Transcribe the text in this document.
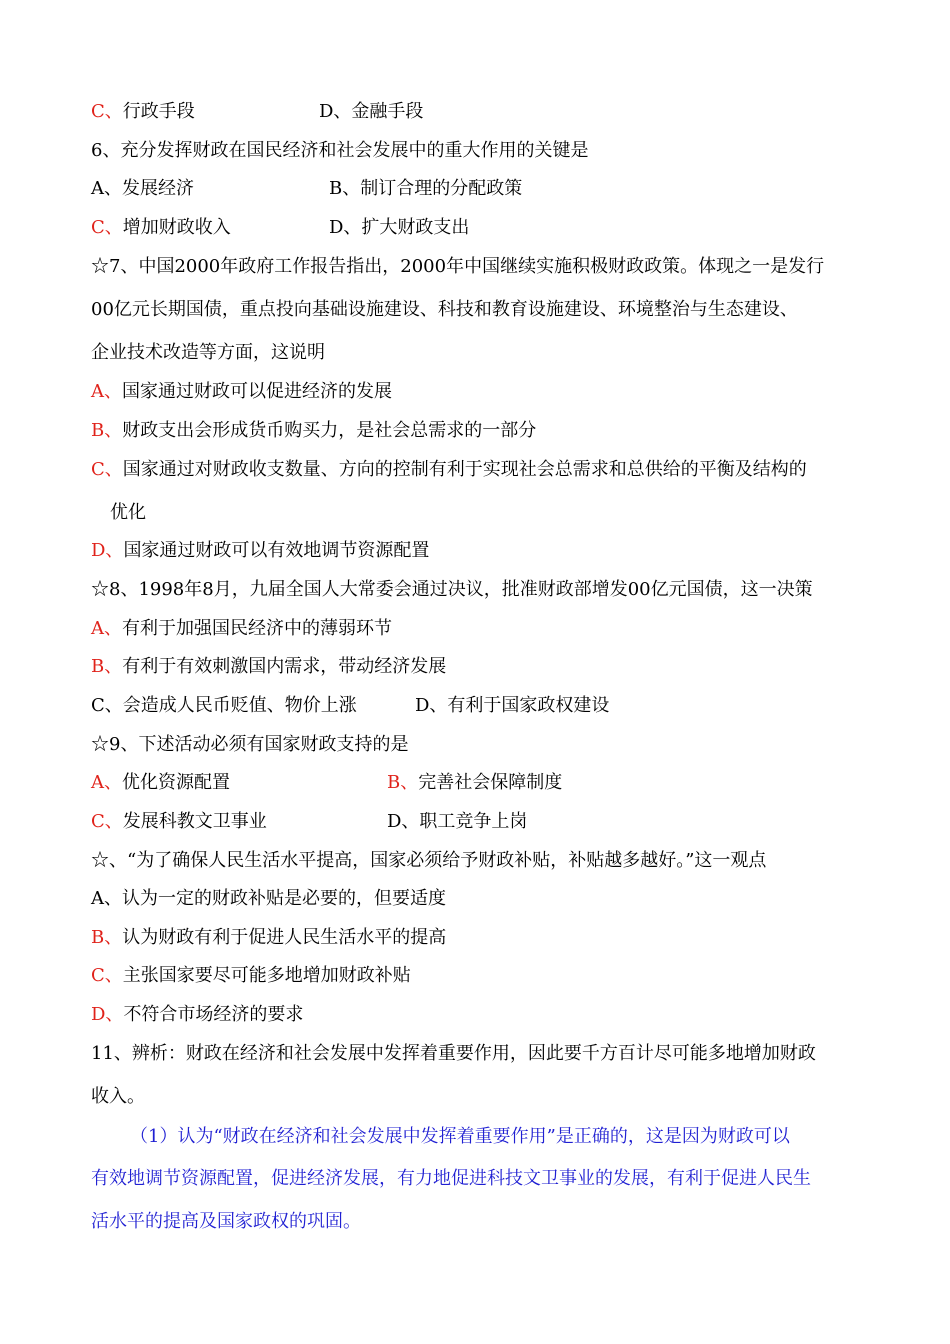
C、行政手段	D、金融手段
6、充分发挥财政在国民经济和社会发展中的重大作用的关键是
A、发展经济	B、制订合理的分配政策
C、增加财政收入	D、扩大财政支出
☆7、中国2000年政府工作报告指出，2000年中国继续实施积极财政政策。体现之一是发行
00亿元长期国债，重点投向基础设施建设、科技和教育设施建设、环境整治与生态建设、
企业技术改造等方面，这说明
A、国家通过财政可以促进经济的发展
B、财政支出会形成货币购买力，是社会总需求的一部分
C、国家通过对财政收支数量、方向的控制有利于实现社会总需求和总供给的平衡及结构的
优化
D、国家通过财政可以有效地调节资源配置
☆8、1998年8月，九届全国人大常委会通过决议，批准财政部增发00亿元国债，这一决策
A、有利于加强国民经济中的薄弱环节
B、有利于有效刺激国内需求，带动经济发展
C、会造成人民币贬值、物价上涨	D、有利于国家政权建设
☆9、下述活动必须有国家财政支持的是
A、优化资源配置	B、完善社会保障制度
C、发展科教文卫事业	D、职工竞争上岗
☆、“为了确保人民生活水平提高，国家必须给予财政补贴，补贴越多越好。”这一观点
A、认为一定的财政补贴是必要的，但要适度
B、认为财政有利于促进人民生活水平的提高
C、主张国家要尽可能多地增加财政补贴
D、不符合市场经济的要求
11、辨析：财政在经济和社会发展中发挥着重要作用，因此要千方百计尽可能多地增加财政
收入。
（1）认为“财政在经济和社会发展中发挥着重要作用”是正确的，这是因为财政可以
有效地调节资源配置，促进经济发展，有力地促进科技文卫事业的发展，有利于促进人民生
活水平的提高及国家政权的巩固。
